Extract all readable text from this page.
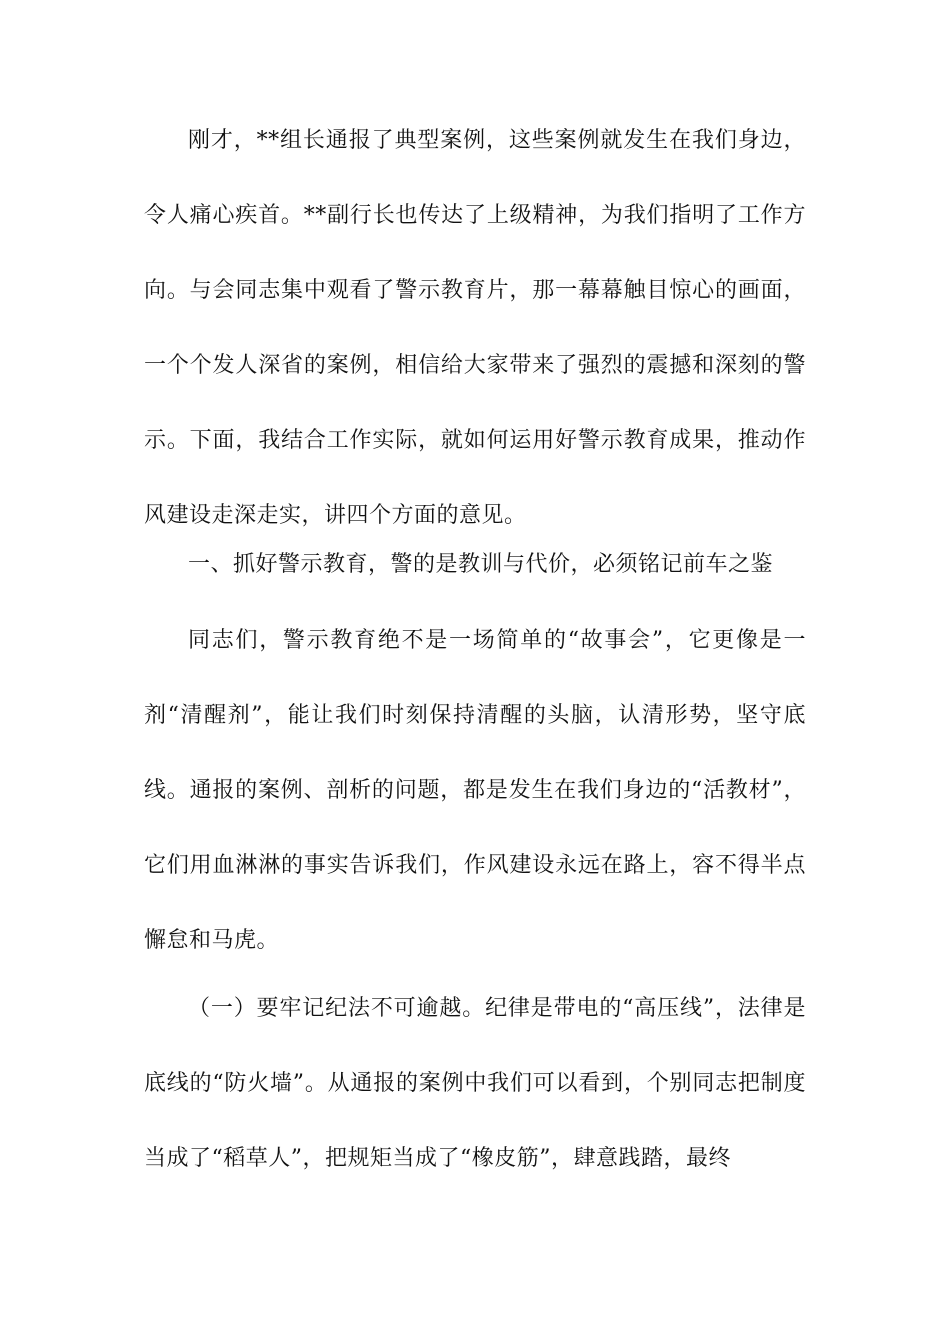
刚才，**组长通报了典型案例，这些案例就发生在我们身边，令人痛心疾首。**副行长也传达了上级精神，为我们指明了工作方向。与会同志集中观看了警示教育片，那一幕幕触目惊心的画面，一个个发人深省的案例，相信给大家带来了强烈的震撼和深刻的警示。下面，我结合工作实际，就如何运用好警示教育成果，推动作风建设走深走实，讲四个方面的意见。

一、抓好警示教育，警的是教训与代价，必须铭记前车之鉴

同志们，警示教育绝不是一场简单的“故事会”，它更像是一剂“清醒剂”，能让我们时刻保持清醒的头脑，认清形势，坚守底线。通报的案例、剖析的问题，都是发生在我们身边的“活教材”，它们用血淋淋的事实告诉我们，作风建设永远在路上，容不得半点懈怠和马虎。

（一）要牢记纪法不可逾越。纪律是带电的“高压线”，法律是底线的“防火墙”。从通报的案例中我们可以看到，个别同志把制度当成了“稻草人”，把规矩当成了“橡皮筋”，肆意践踏，最终
